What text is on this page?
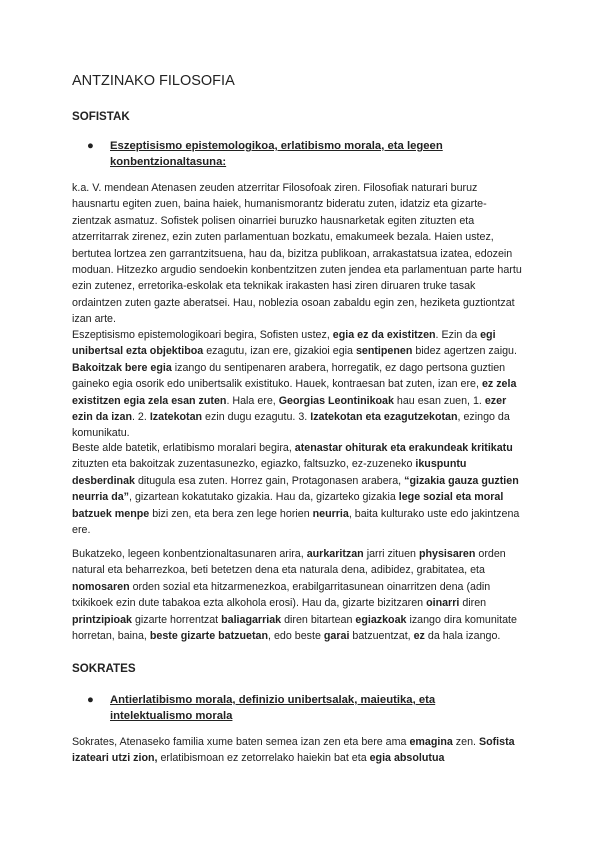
ANTZINAKO FILOSOFIA
SOFISTAK
● Eszeptisismo epistemologikoa, erlatibismo morala, eta legeen konbentzionaltasuna:

k.a. V. mendean Atenasen zeuden atzerritar Filosofoak ziren. Filosofiak naturari buruz hausnartu egiten zuen, baina haiek, humanismorantz bideratu zuten, idatziz eta gizarte-zientzak asmatuz. Sofistek polisen oinarriei buruzko hausnarketak egiten zituzten eta atzerritarrak zirenez, ezin zuten parlamentuan bozkatu, emakumeek bezala. Haien ustez, bertutea lortzea zen garrantzitsuena, hau da, bizitza publikoan, arrakastatsua izatea, edozein moduan. Hitzezko argudio sendoekin konbentzitzen zuten jendea eta parlamentuan parte hartu ezin zutenez, erretorika-eskolak eta teknikak irakasten hasi ziren diruaren truke tasak ordaintzen zuten gazte aberatsei. Hau, noblezia osoan zabaldu egin zen, heziketa guztiontzat izan arte.

Eszeptisismo epistemologikoari begira, Sofisten ustez, egia ez da existitzen. Ezin da egi unibertsal ezta objektiboa ezagutu, izan ere, gizakioi egia sentipenen bidez agertzen zaigu. Bakoitzak bere egia izango du sentipenaren arabera, horregatik, ez dago pertsona guztien gaineko egia osorik edo unibertsalik existituko. Hauek, kontraesan bat zuten, izan ere, ez zela existitzen egia zela esan zuten. Hala ere, Georgias Leontinikoak hau esan zuen, 1. ezer ezin da izan. 2. Izatekotan ezin dugu ezagutu. 3. Izatekotan eta ezagutzekotan, ezingo da komunikatu.

Beste alde batetik, erlatibismo moralari begira, atenastar ohiturak eta erakundeak kritikatu zituzten eta bakoitzak zuzentasunezko, egiazko, faltsuzko, ez-zuzeneko ikuspuntu desberdinak ditugula esa zuten. Horrez gain, Protagonasen arabera, “gizakia gauza guztien neurria da”, gizartean kokatutako gizakia. Hau da, gizarteko gizakia lege sozial eta moral batzuek menpe bizi zen, eta bera zen lege horien neurria, baita kulturako uste edo jakintzena ere.

Bukatzeko, legeen konbentzionaltasunaren arira, aurkaritzan jarri zituen physisaren orden natural eta beharrezkoa, beti betetzen dena eta naturala dena, adibidez, grabitatea, eta nomosaren orden sozial eta hitzarmenezkoa, erabilgarritasunean oinarritzen dena (adin txikikoek ezin dute tabakoa ezta alkohola erosi). Hau da, gizarte bizitzaren oinarri diren printzipioak gizarte horrentzat baliagarriak diren bitartean egiazkoak izango dira komunitate horretan, baina, beste gizarte batzuetan, edo beste garai batzuentzat, ez da hala izango.

SOKRATES
● Antierlatibismo morala, definizio unibertsalak, maieutika, eta intelektualismo morala

Sokrates, Atenaseko familia xume baten semea izan zen eta bere ama emagina zen. Sofista izateari utzi zion, erlatibismoan ez zetorrelako haiekin bat eta egia absolutua
